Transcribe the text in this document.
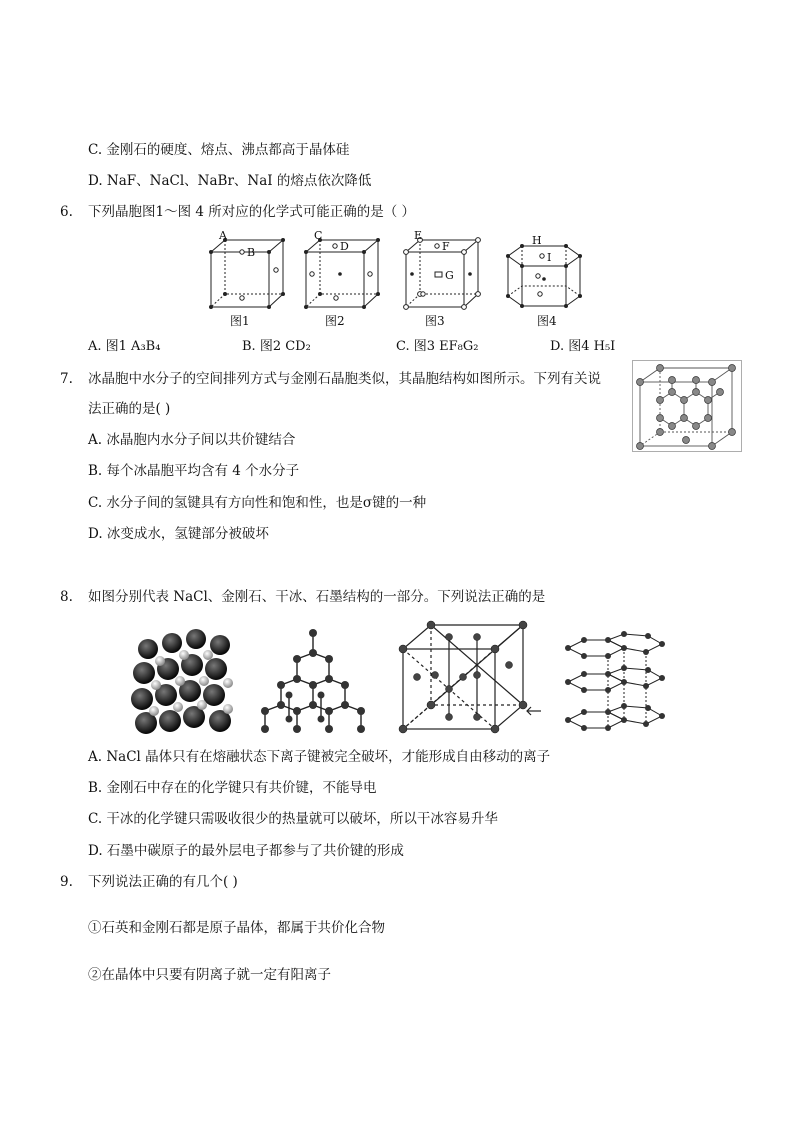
C. 金刚石的硬度、熔点、沸点都高于晶体硅
D. NaF、NaCl、NaBr、NaI 的熔点依次降低
6. 下列晶胞图1～图 4 所对应的化学式可能正确的是（ ）
A
B
图1
C
D
图2
E
F
G
图3
H
I
图4
A. 图1 A₃B₄	B. 图2 CD₂	C. 图3 EF₈G₂	D. 图4 H₅I
7. 冰晶胞中水分子的空间排列方式与金刚石晶胞类似，其晶胞结构如图所示。下列有关说
法正确的是( )
A. 冰晶胞内水分子间以共价键结合
B. 每个冰晶胞平均含有 4 个水分子
C. 水分子间的氢键具有方向性和饱和性，也是σ键的一种
D. 冰变成水，氢键部分被破坏
8. 如图分别代表 NaCl、金刚石、干冰、石墨结构的一部分。下列说法正确的是
A. NaCl 晶体只有在熔融状态下离子键被完全破坏，才能形成自由移动的离子
B. 金刚石中存在的化学键只有共价键，不能导电
C. 干冰的化学键只需吸收很少的热量就可以破坏，所以干冰容易升华
D. 石墨中碳原子的最外层电子都参与了共价键的形成
9. 下列说法正确的有几个( )
①石英和金刚石都是原子晶体，都属于共价化合物
②在晶体中只要有阴离子就一定有阳离子
